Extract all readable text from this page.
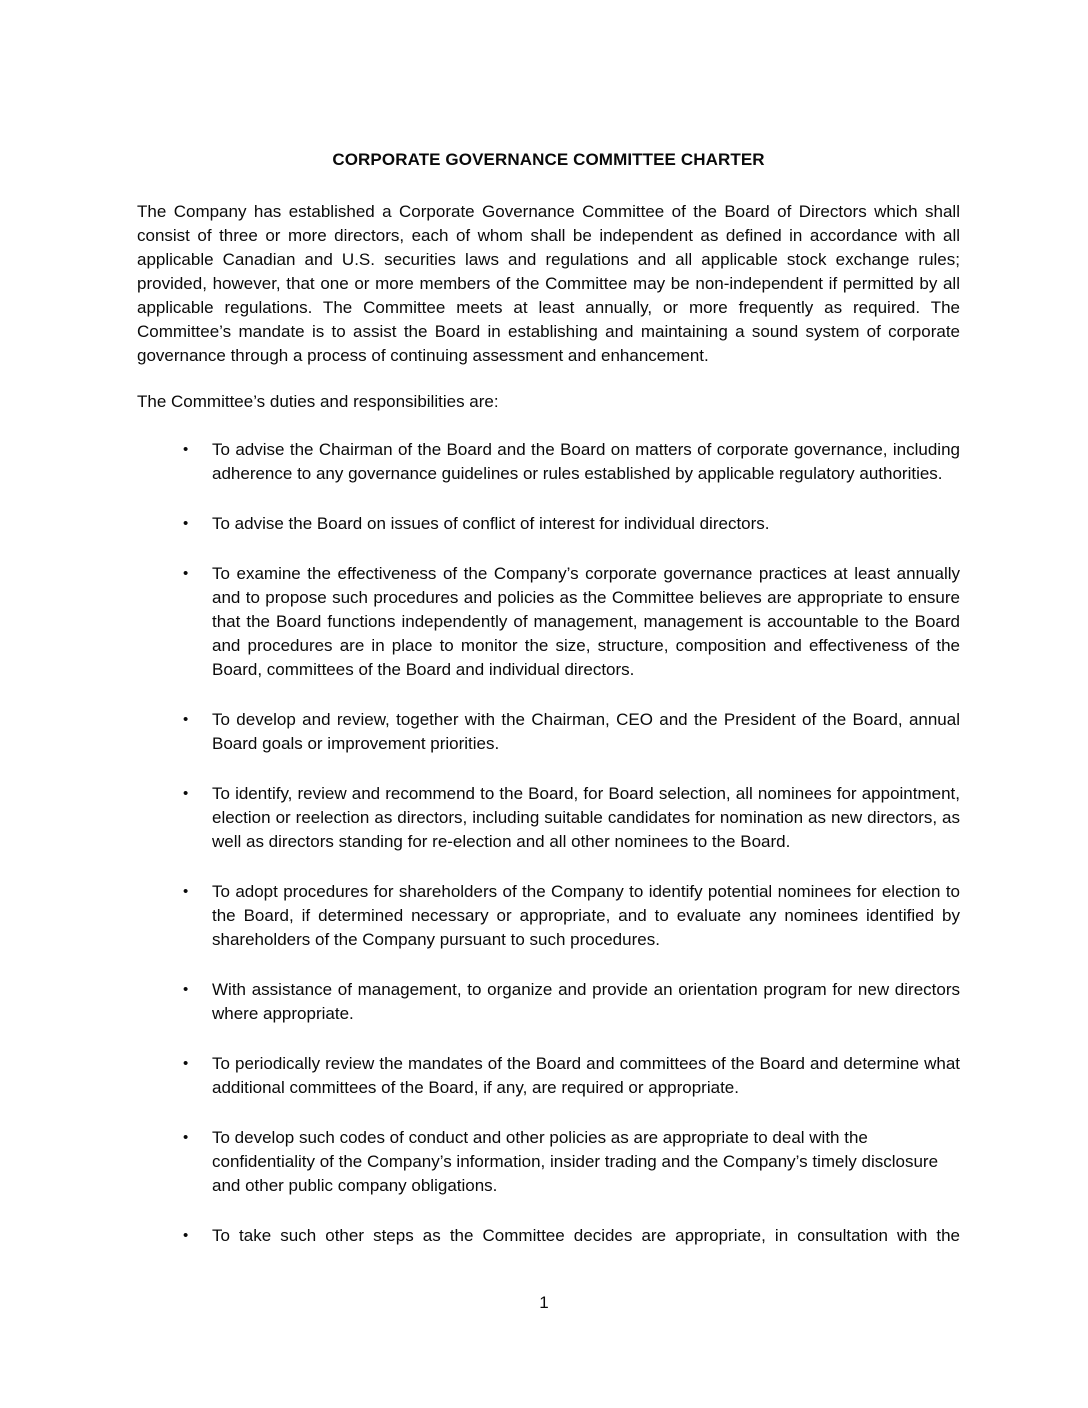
CORPORATE GOVERNANCE COMMITTEE CHARTER

The Company has established a Corporate Governance Committee of the Board of Directors which shall consist of three or more directors, each of whom shall be independent as defined in accordance with all applicable Canadian and U.S. securities laws and regulations and all applicable stock exchange rules; provided, however, that one or more members of the Committee may be non-independent if permitted by all applicable regulations. The Committee meets at least annually, or more frequently as required. The Committee’s mandate is to assist the Board in establishing and maintaining a sound system of corporate governance through a process of continuing assessment and enhancement.

The Committee’s duties and responsibilities are:

•	To advise the Chairman of the Board and the Board on matters of corporate governance, including adherence to any governance guidelines or rules established by applicable regulatory authorities.
•	To advise the Board on issues of conflict of interest for individual directors.
•	To examine the effectiveness of the Company’s corporate governance practices at least annually and to propose such procedures and policies as the Committee believes are appropriate to ensure that the Board functions independently of management, management is accountable to the Board and procedures are in place to monitor the size, structure, composition and effectiveness of the Board, committees of the Board and individual directors.
•	To develop and review, together with the Chairman, CEO and the President of the Board, annual Board goals or improvement priorities.
•	To identify, review and recommend to the Board, for Board selection, all nominees for appointment, election or reelection as directors, including suitable candidates for nomination as new directors, as well as directors standing for re-election and all other nominees to the Board.
•	To adopt procedures for shareholders of the Company to identify potential nominees for election to the Board, if determined necessary or appropriate, and to evaluate any nominees identified by shareholders of the Company pursuant to such procedures.
•	With assistance of management, to organize and provide an orientation program for new directors where appropriate.
•	To periodically review the mandates of the Board and committees of the Board and determine what additional committees of the Board, if any, are required or appropriate.
•	To develop such codes of conduct and other policies as are appropriate to deal with the confidentiality of the Company’s information, insider trading and the Company’s timely disclosure and other public company obligations.
•	To take such other steps as the Committee decides are appropriate, in consultation with the
1
